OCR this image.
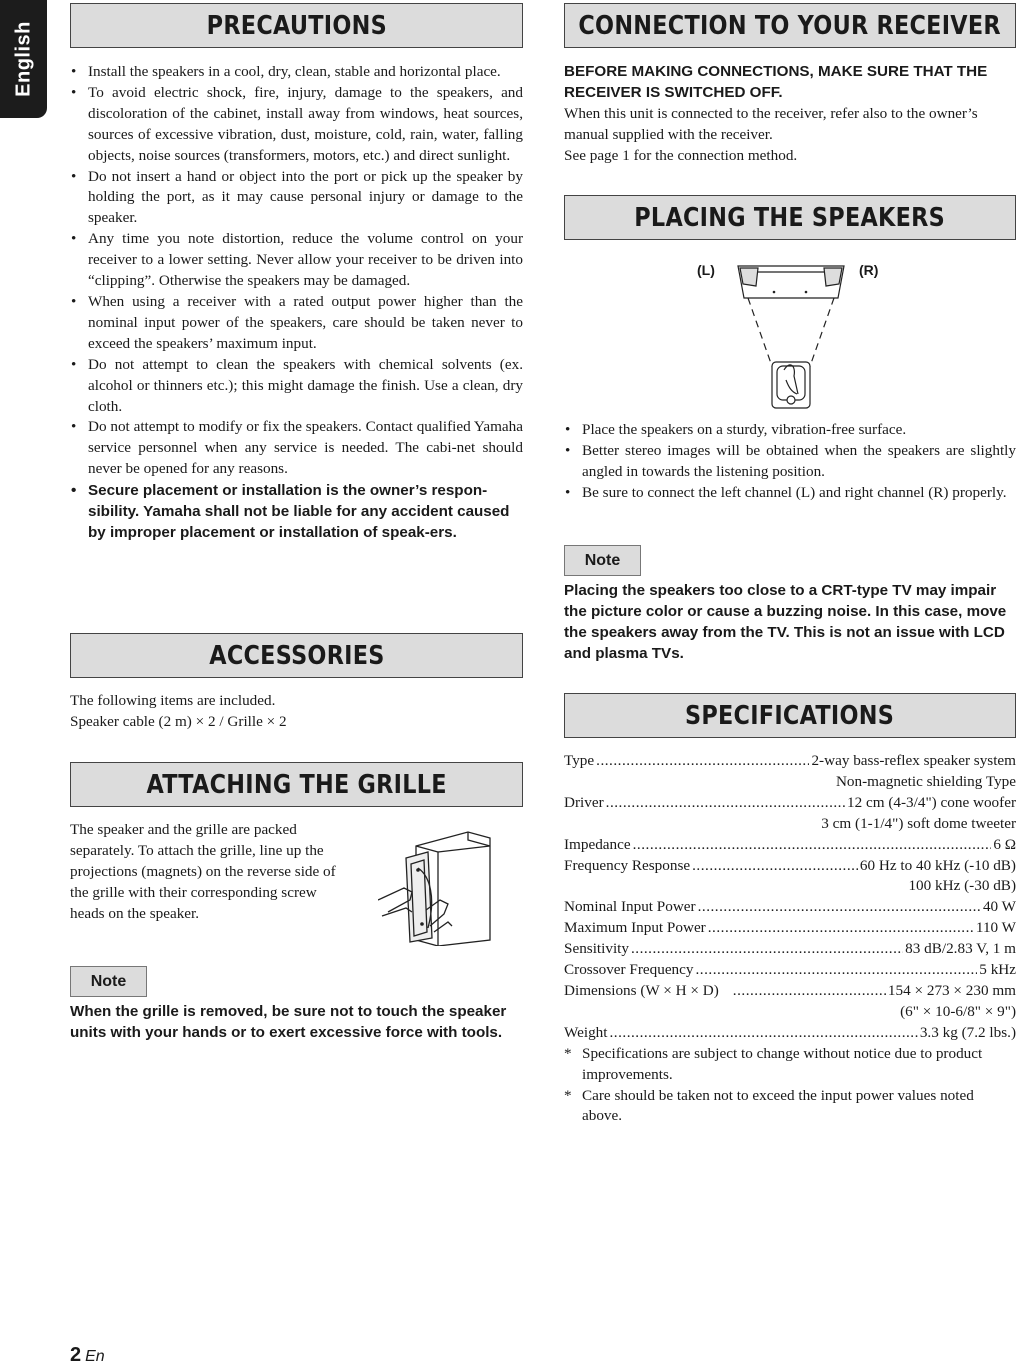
English	PRECAUTIONS
• Install the speakers in a cool, dry, clean, stable and horizontal place.
• To avoid electric shock, fire, injury, damage to the speakers, and discoloration of the cabinet, install away from windows, heat sources, sources of excessive vibration, dust, moisture, cold, rain, water, falling objects, noise sources (transformers, motors, etc.) and direct sunlight.
• Do not insert a hand or object into the port or pick up the speaker by holding the port, as it may cause personal injury or damage to the speaker.
• Any time you note distortion, reduce the volume control on your receiver to a lower setting. Never allow your receiver to be driven into “clipping”. Otherwise the speakers may be damaged.
• When using a receiver with a rated output power higher than the nominal input power of the speakers, care should be taken never to exceed the speakers’ maximum input.
• Do not attempt to clean the speakers with chemical solvents (ex. alcohol or thinners etc.); this might damage the finish. Use a clean, dry cloth.
• Do not attempt to modify or fix the speakers. Contact qualified Yamaha service personnel when any service is needed. The cabi-net should never be opened for any reasons.
• Secure placement or installation is the owner’s respon-sibility. Yamaha shall not be liable for any accident caused by improper placement or installation of speak-ers.
ACCESSORIES

The following items are included.

Speaker cable (2 m) × 2 / Grille × 2

ATTACHING THE GRILLE

The speaker and the grille are packed separately. To attach the grille, line up the projections (magnets) on the reverse side of the grille with their corresponding screw heads on the speaker.

Note

When the grille is removed, be sure not to touch the speaker units with your hands or to exert excessive force with tools.

CONNECTION TO YOUR RECEIVER

BEFORE MAKING CONNECTIONS, MAKE SURE THAT THE RECEIVER IS SWITCHED OFF.

When this unit is connected to the receiver, refer also to the owner’s manual supplied with the receiver.

See page 1 for the connection method.

PLACING THE SPEAKERS
(L)	(R)
• Place the speakers on a sturdy, vibration-free surface.
• Better stereo images will be obtained when the speakers are slightly angled in towards the listening position.
• Be sure to connect the left channel (L) and right channel (R) properly.
Note

Placing the speakers too close to a CRT-type TV may impair the picture color or cause a buzzing noise. In this case, move the speakers away from the TV. This is not an issue with LCD and plasma TVs.

SPECIFICATIONS
Type .....	2-way bass-reflex speaker system
Non-magnetic shielding Type
Driver .....	12 cm (4-3/4") cone woofer
3 cm (1-1/4") soft dome tweeter
Impedance .....	6 Ω
Frequency Response .....	60 Hz to 40 kHz (-10 dB)
100 kHz (-30 dB)
Nominal Input Power .....	40 W
Maximum Input Power .....	110 W
Sensitivity .....	83 dB/2.83 V, 1 m
Crossover Frequency .....	5 kHz
Dimensions (W × H × D) .....	154 × 273 × 230 mm
(6" × 10-6/8" × 9")
Weight .....	3.3 kg (7.2 lbs.)
* Specifications are subject to change without notice due to product improvements.
* Care should be taken not to exceed the input power values noted above.
2 En
